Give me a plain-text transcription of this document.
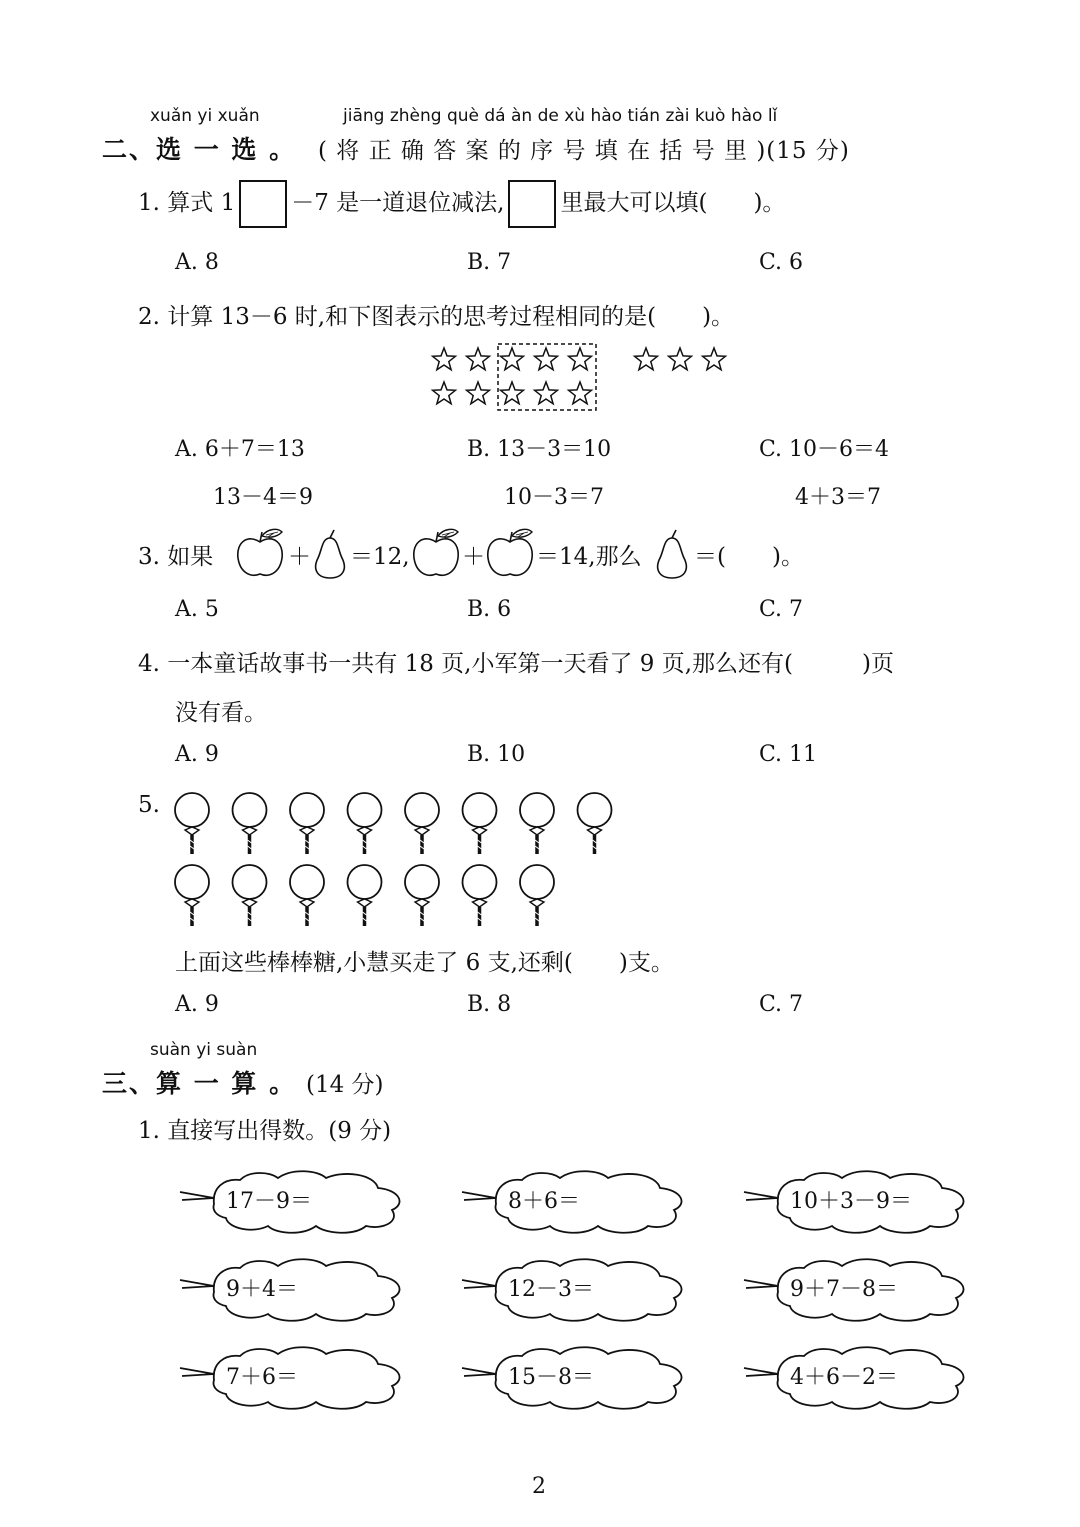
xuǎn yi xuǎn	jiāng zhèng què dá àn de xù hào tián zài kuò hào lǐ
二、选 一 选 。 ( 将 正 确 答 案 的 序 号 填 在 括 号 里 )(15 分)
1. 算式 1 －7 是一道退位减法, 里最大可以填(　　)。
A. 8	B. 7	C. 6
2. 计算 13－6 时,和下图表示的思考过程相同的是(　　)。
A. 6＋7＝13
13－4＝9
B. 13－3＝10
10－3＝7
C. 10－6＝4
4＋3＝7
3. 如果	＋ ＝12, ＋ ＝14,那么 ＝(　　)。
A. 5	B. 6	C. 7
4. 一本童话故事书一共有 18 页,小军第一天看了 9 页,那么还有(　　　)页
没有看。
A. 9	B. 10	C. 11
5.
上面这些棒棒糖,小慧买走了 6 支,还剩(　　)支。
A. 9	B. 8	C. 7
suàn yi suàn
三、算 一 算 。 (14 分)
1. 直接写出得数。(9 分)
17－9＝	8＋6＝	10＋3－9＝
9＋4＝	12－3＝	9＋7－8＝
7＋6＝	15－8＝	4＋6－2＝
2
